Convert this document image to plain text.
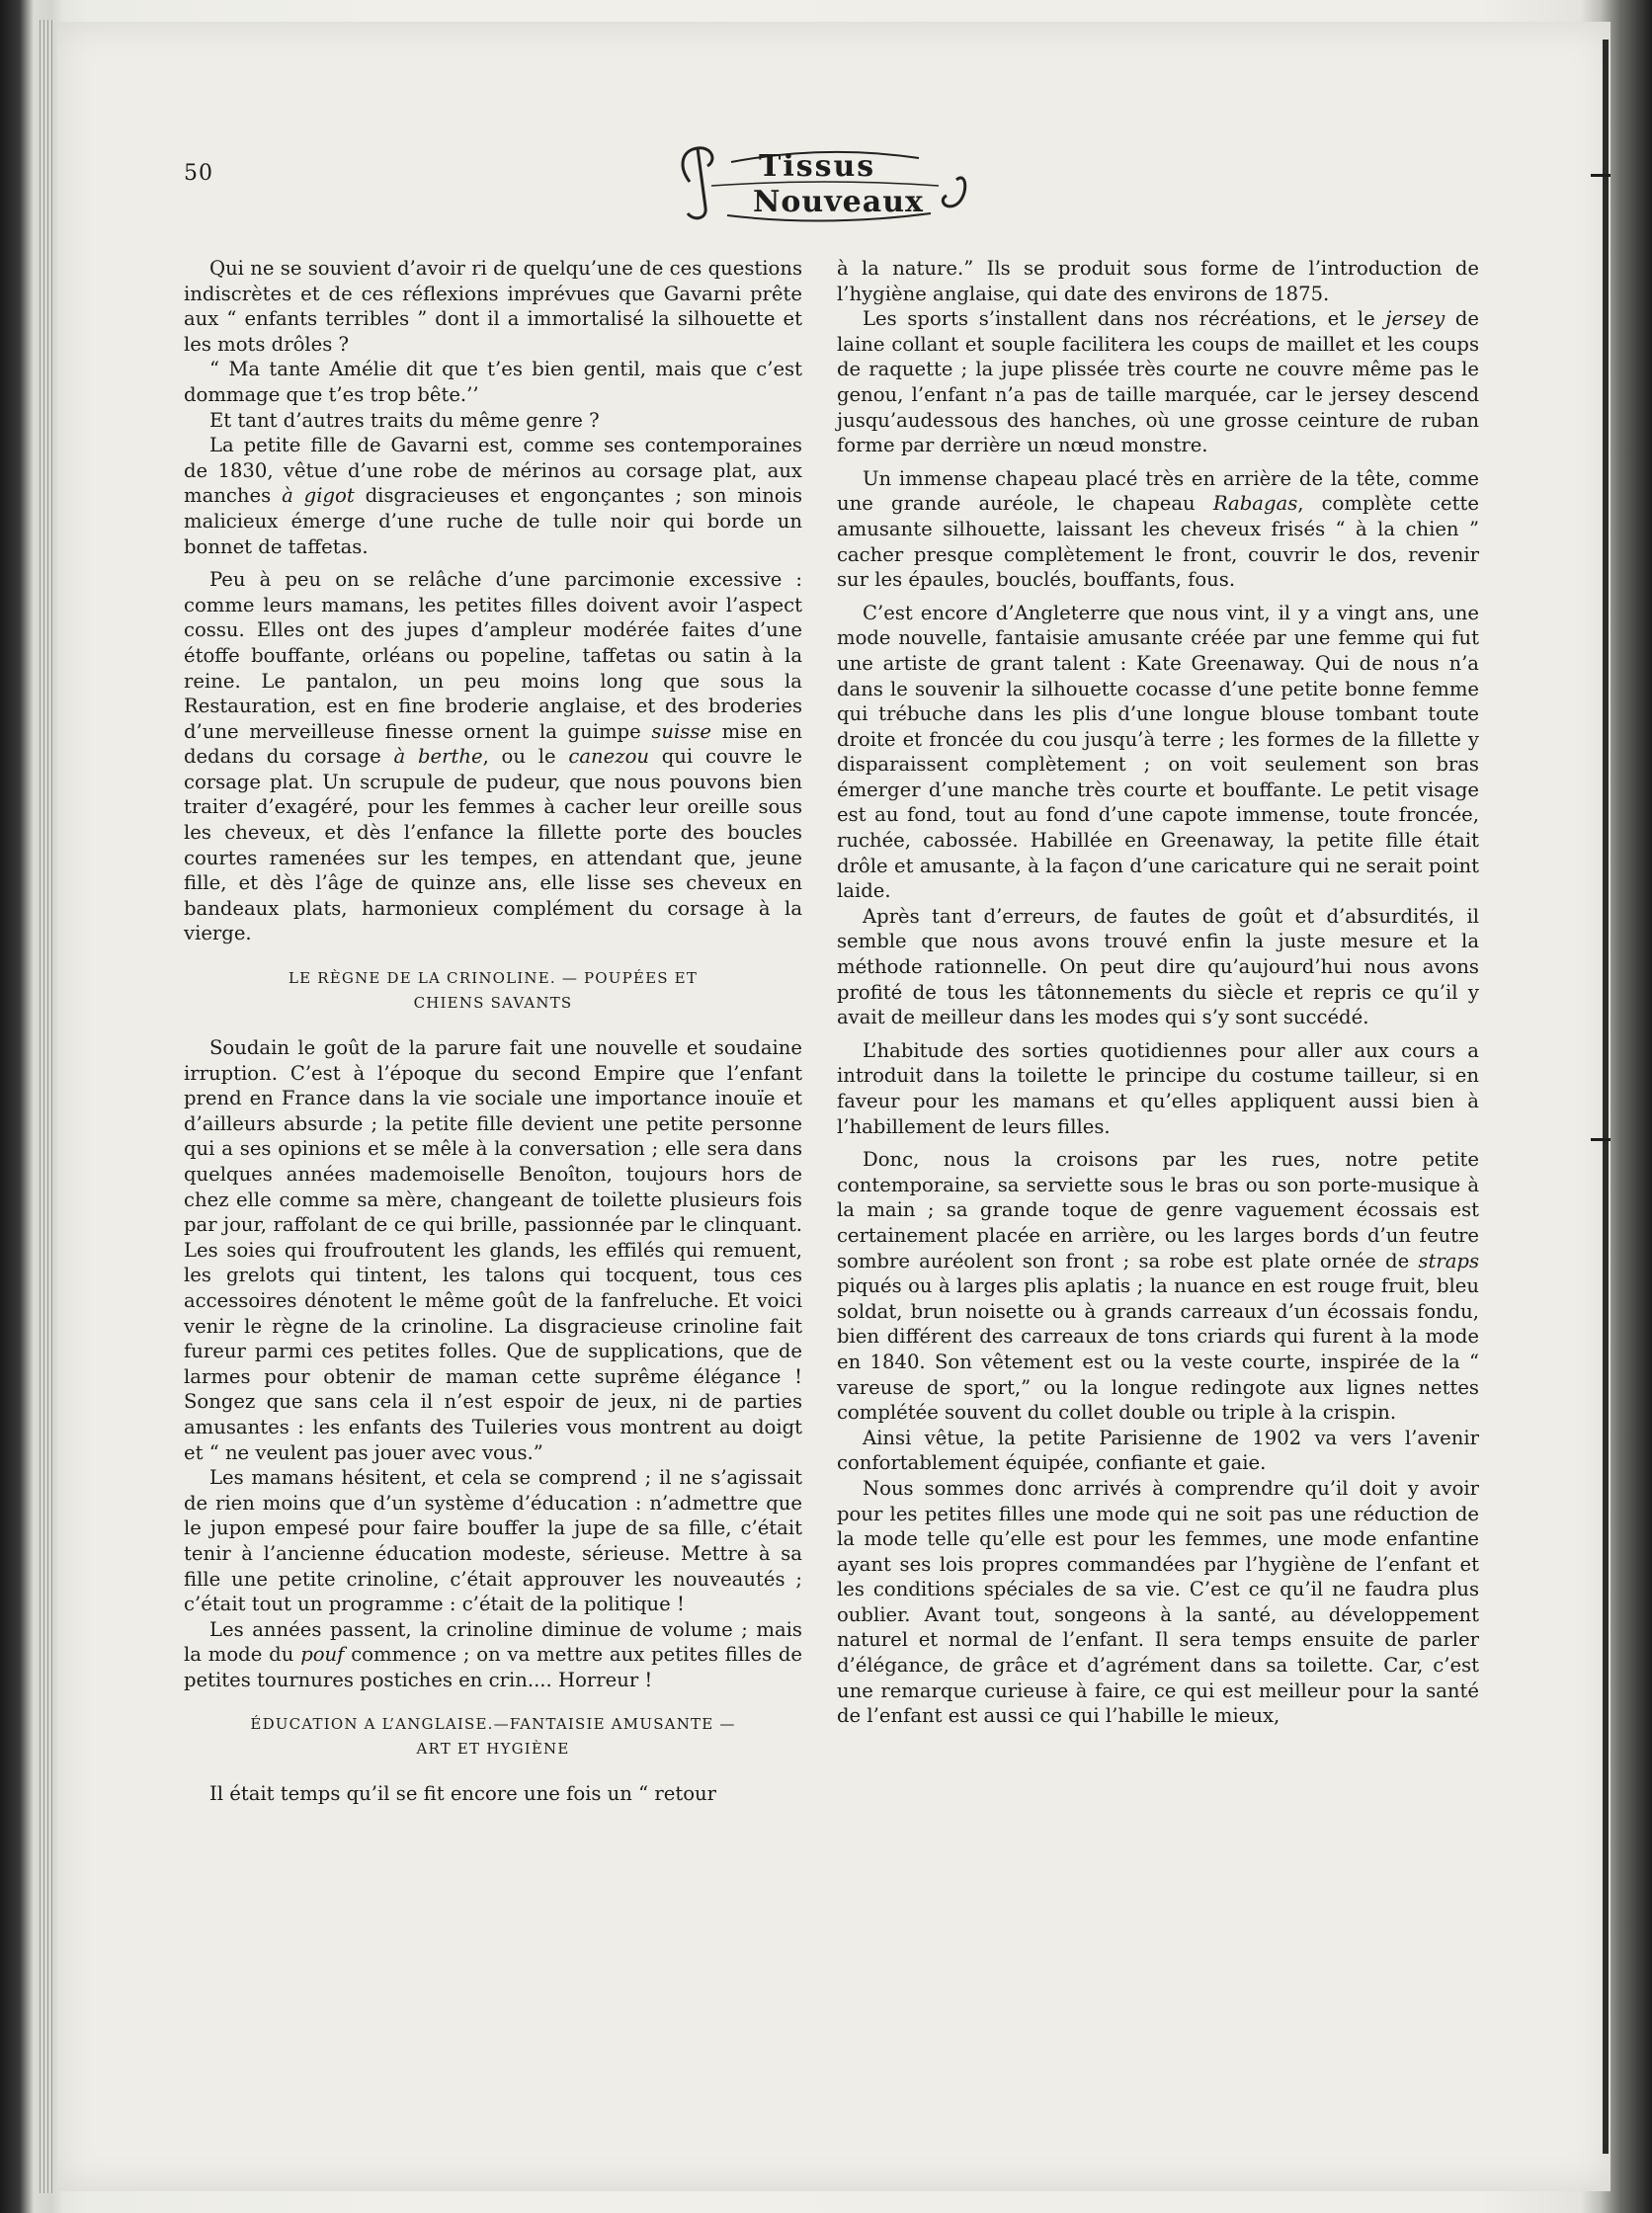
50	Tissus
Nouveaux

Qui ne se souvient d’avoir ri de quelqu’une de ces questions indiscrètes et de ces réflexions imprévues que Gavarni prête aux “ enfants terribles ” dont il a immortalisé la silhouette et les mots drôles ?

“ Ma tante Amélie dit que t’es bien gentil, mais que c’est dommage que t’es trop bête.’’

Et tant d’autres traits du même genre ?

La petite fille de Gavarni est, comme ses contemporaines de 1830, vêtue d’une robe de mérinos au corsage plat, aux manches à gigot disgracieuses et engonçantes ; son minois malicieux émerge d’une ruche de tulle noir qui borde un bonnet de taffetas.

Peu à peu on se relâche d’une parcimonie excessive : comme leurs mamans, les petites filles doivent avoir l’aspect cossu. Elles ont des jupes d’ampleur modérée faites d’une étoffe bouffante, orléans ou popeline, taffetas ou satin à la reine. Le pantalon, un peu moins long que sous la Restauration, est en fine broderie anglaise, et des broderies d’une merveilleuse finesse ornent la guimpe suisse mise en dedans du corsage à berthe, ou le canezou qui couvre le corsage plat. Un scrupule de pudeur, que nous pouvons bien traiter d’exagéré, pour les femmes à cacher leur oreille sous les cheveux, et dès l’enfance la fillette porte des boucles courtes ramenées sur les tempes, en attendant que, jeune fille, et dès l’âge de quinze ans, elle lisse ses cheveux en bandeaux plats, harmonieux complément du corsage à la vierge.

LE RÈGNE DE LA CRINOLINE. — POUPÉES ET
CHIENS SAVANTS

Soudain le goût de la parure fait une nouvelle et soudaine irruption. C’est à l’époque du second Empire que l’enfant prend en France dans la vie sociale une importance inouïe et d’ailleurs absurde ; la petite fille devient une petite personne qui a ses opinions et se mêle à la conversation ; elle sera dans quelques années mademoiselle Benoîton, toujours hors de chez elle comme sa mère, changeant de toilette plusieurs fois par jour, raffolant de ce qui brille, passionnée par le clinquant. Les soies qui froufroutent les glands, les effilés qui remuent, les grelots qui tintent, les talons qui tocquent, tous ces accessoires dénotent le même goût de la fanfreluche. Et voici venir le règne de la crinoline. La disgracieuse crinoline fait fureur parmi ces petites folles. Que de supplications, que de larmes pour obtenir de maman cette suprême élégance ! Songez que sans cela il n’est espoir de jeux, ni de parties amusantes : les enfants des Tuileries vous montrent au doigt et “ ne veulent pas jouer avec vous.”

Les mamans hésitent, et cela se comprend ; il ne s’agissait de rien moins que d’un système d’éducation : n’admettre que le jupon empesé pour faire bouffer la jupe de sa fille, c’était tenir à l’ancienne éducation modeste, sérieuse. Mettre à sa fille une petite crinoline, c’était approuver les nouveautés ; c’était tout un programme : c’était de la politique !

Les années passent, la crinoline diminue de volume ; mais la mode du pouf commence ; on va mettre aux petites filles de petites tournures postiches en crin.... Horreur !

ÉDUCATION A L’ANGLAISE.—FANTAISIE AMUSANTE —
ART ET HYGIÈNE

Il était temps qu’il se fit encore une fois un “ retour

à la nature.” Ils se produit sous forme de l’introduction de l’hygiène anglaise, qui date des environs de 1875.

Les sports s’installent dans nos récréations, et le jersey de laine collant et souple facilitera les coups de maillet et les coups de raquette ; la jupe plissée très courte ne couvre même pas le genou, l’enfant n’a pas de taille marquée, car le jersey descend jusqu’audessous des hanches, où une grosse ceinture de ruban forme par derrière un nœud monstre.

Un immense chapeau placé très en arrière de la tête, comme une grande auréole, le chapeau Rabagas, complète cette amusante silhouette, laissant les cheveux frisés “ à la chien ” cacher presque complètement le front, couvrir le dos, revenir sur les épaules, bouclés, bouffants, fous.

C’est encore d’Angleterre que nous vint, il y a vingt ans, une mode nouvelle, fantaisie amusante créée par une femme qui fut une artiste de grant talent : Kate Greenaway. Qui de nous n’a dans le souvenir la silhouette cocasse d’une petite bonne femme qui trébuche dans les plis d’une longue blouse tombant toute droite et froncée du cou jusqu’à terre ; les formes de la fillette y disparaissent complètement ; on voit seulement son bras émerger d’une manche très courte et bouffante. Le petit visage est au fond, tout au fond d’une capote immense, toute froncée, ruchée, cabossée. Habillée en Greenaway, la petite fille était drôle et amusante, à la façon d’une caricature qui ne serait point laide.

Après tant d’erreurs, de fautes de goût et d’absurdités, il semble que nous avons trouvé enfin la juste mesure et la méthode rationnelle. On peut dire qu’aujourd’hui nous avons profité de tous les tâtonnements du siècle et repris ce qu’il y avait de meilleur dans les modes qui s’y sont succédé.

L’habitude des sorties quotidiennes pour aller aux cours a introduit dans la toilette le principe du costume tailleur, si en faveur pour les mamans et qu’elles appliquent aussi bien à l’habillement de leurs filles.

Donc, nous la croisons par les rues, notre petite contemporaine, sa serviette sous le bras ou son porte-musique à la main ; sa grande toque de genre vaguement écossais est certainement placée en arrière, ou les larges bords d’un feutre sombre auréolent son front ; sa robe est plate ornée de straps piqués ou à larges plis aplatis ; la nuance en est rouge fruit, bleu soldat, brun noisette ou à grands carreaux d’un écossais fondu, bien différent des carreaux de tons criards qui furent à la mode en 1840. Son vêtement est ou la veste courte, inspirée de la “ vareuse de sport,” ou la longue redingote aux lignes nettes complétée souvent du collet double ou triple à la crispin.

Ainsi vêtue, la petite Parisienne de 1902 va vers l’avenir confortablement équipée, confiante et gaie.

Nous sommes donc arrivés à comprendre qu’il doit y avoir pour les petites filles une mode qui ne soit pas une réduction de la mode telle qu’elle est pour les femmes, une mode enfantine ayant ses lois propres commandées par l’hygiène de l’enfant et les conditions spéciales de sa vie. C’est ce qu’il ne faudra plus oublier. Avant tout, songeons à la santé, au développement naturel et normal de l’enfant. Il sera temps ensuite de parler d’élégance, de grâce et d’agrément dans sa toilette. Car, c’est une remarque curieuse à faire, ce qui est meilleur pour la santé de l’enfant est aussi ce qui l’habille le mieux,
